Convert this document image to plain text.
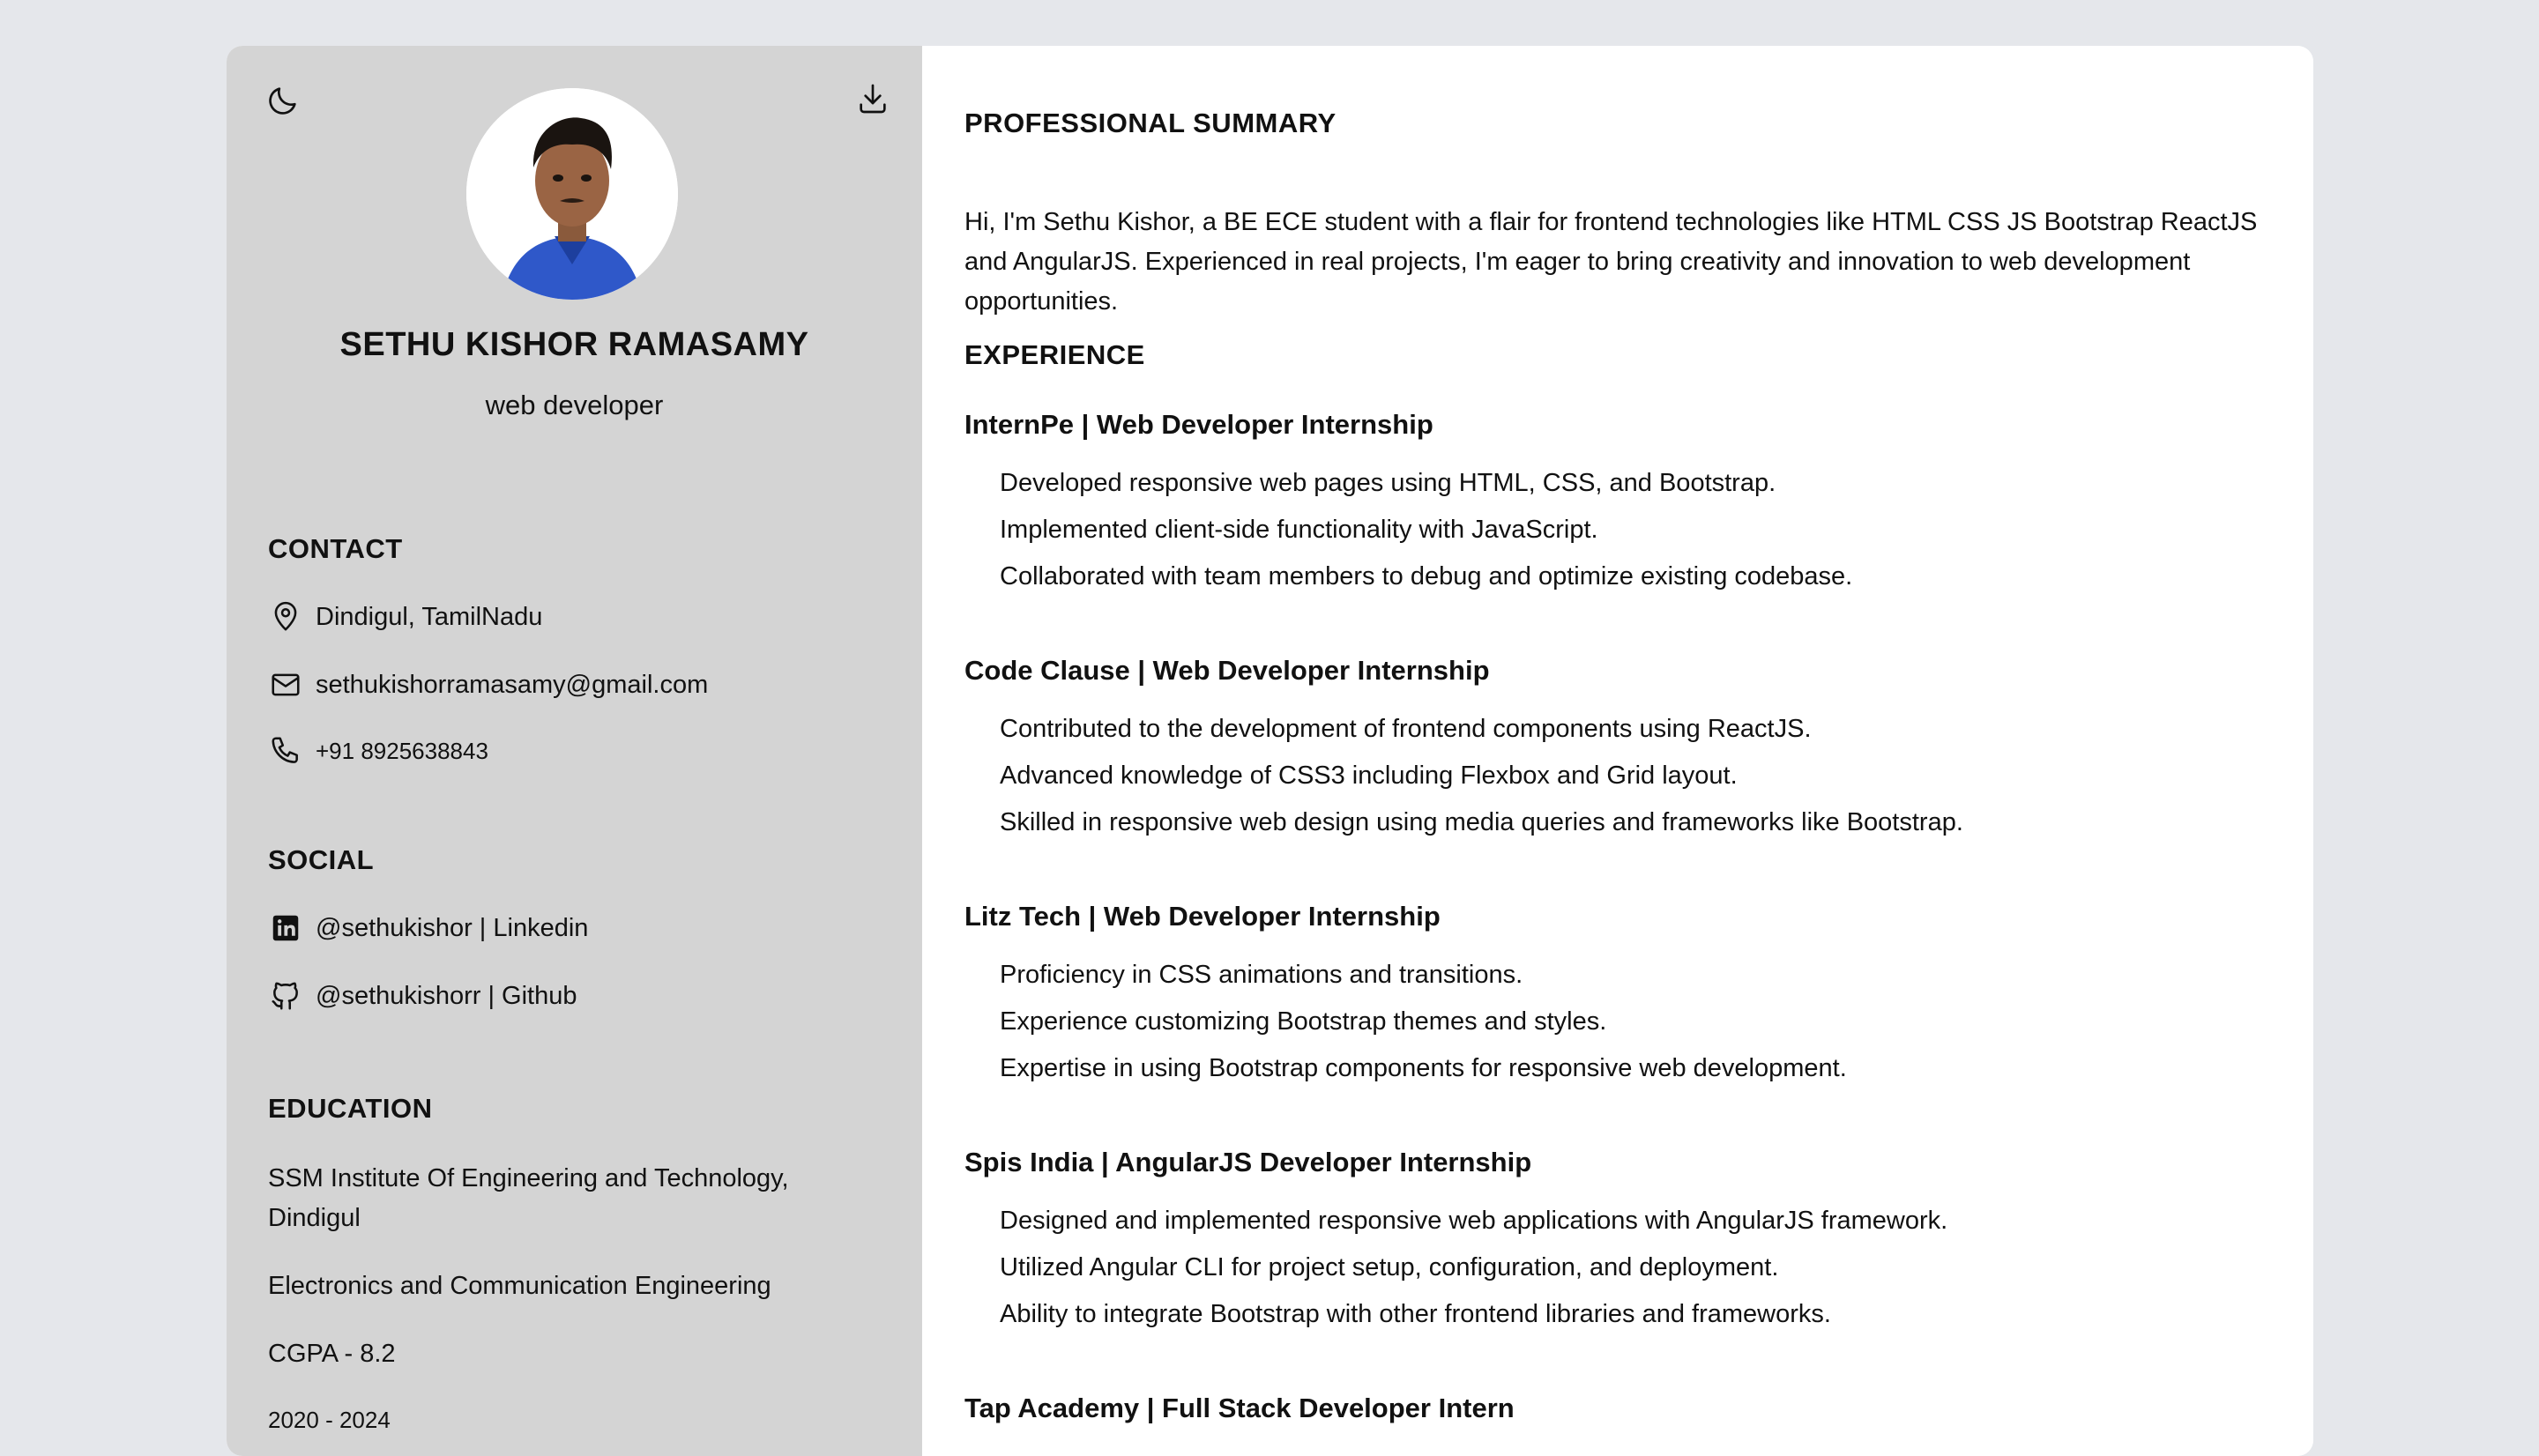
SETHU KISHOR RAMASAMY
web developer
CONTACT
Dindigul, TamilNadu
sethukishorramasamy@gmail.com
+91 8925638843
SOCIAL
@sethukishor | Linkedin
@sethukishorr | Github
EDUCATION
SSM Institute Of Engineering and Technology, Dindigul
Electronics and Communication Engineering
CGPA - 8.2
2020 - 2024
PROFESSIONAL SUMMARY
Hi, I'm Sethu Kishor, a BE ECE student with a flair for frontend technologies like HTML CSS JS Bootstrap ReactJS and AngularJS. Experienced in real projects, I'm eager to bring creativity and innovation to web development opportunities.
EXPERIENCE
InternPe | Web Developer Internship
Developed responsive web pages using HTML, CSS, and Bootstrap.
Implemented client-side functionality with JavaScript.
Collaborated with team members to debug and optimize existing codebase.
Code Clause | Web Developer Internship
Contributed to the development of frontend components using ReactJS.
Advanced knowledge of CSS3 including Flexbox and Grid layout.
Skilled in responsive web design using media queries and frameworks like Bootstrap.
Litz Tech | Web Developer Internship
Proficiency in CSS animations and transitions.
Experience customizing Bootstrap themes and styles.
Expertise in using Bootstrap components for responsive web development.
Spis India | AngularJS Developer Internship
Designed and implemented responsive web applications with AngularJS framework.
Utilized Angular CLI for project setup, configuration, and deployment.
Ability to integrate Bootstrap with other frontend libraries and frameworks.
Tap Academy | Full Stack Developer Intern
